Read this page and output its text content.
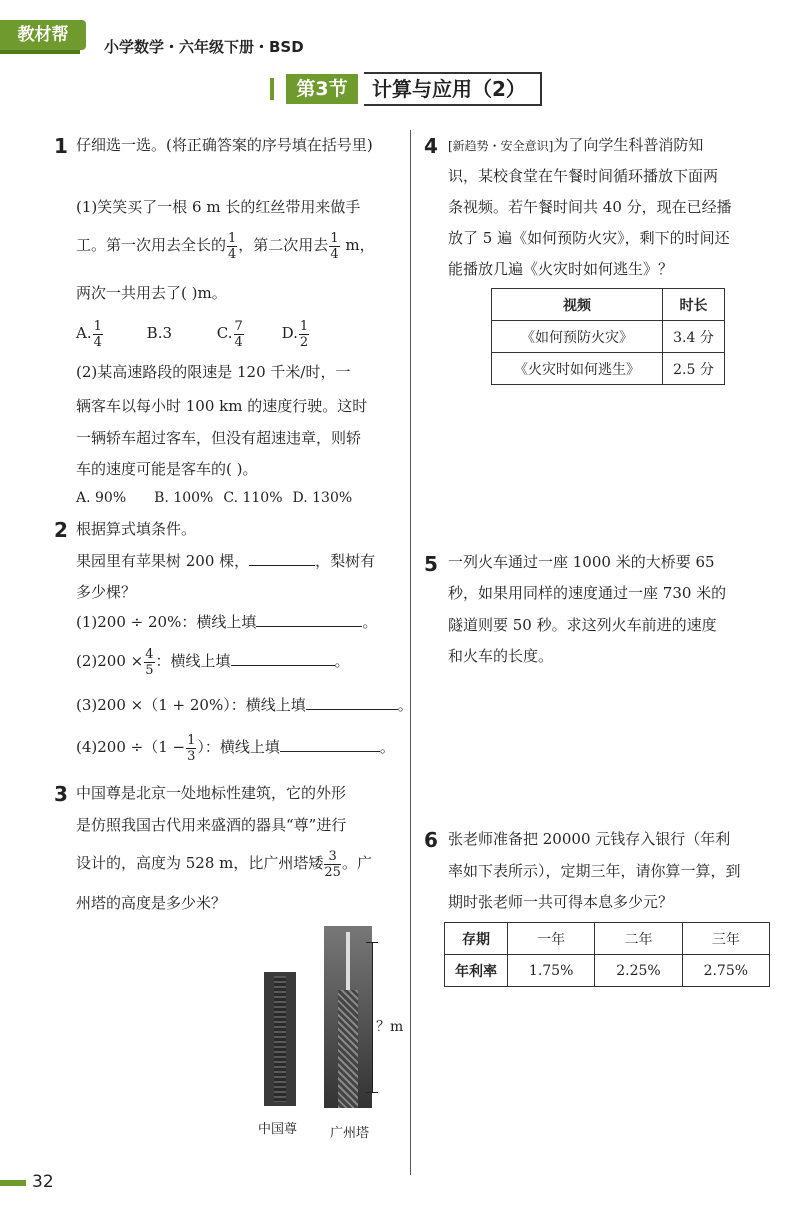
教材帮
小学数学・六年级下册・BSD
第3节	计算与应用（2）
1 仔细选一选。(将正确答案的序号填在括号里)
(1)笑笑买了一根 6 m 长的红丝带用来做手
工。第一次用去全长的 $\frac{1}{4}$ ，第二次用去 $\frac{1}{4}$ m，
两次一共用去了( )m。
A. $\frac{1}{4}$	B.3	C. $\frac{7}{4}$	D. $\frac{1}{2}$
(2)某高速路段的限速是 120 千米/时，一
辆客车以每小时 100 km 的速度行驶。这时
一辆轿车超过客车，但没有超速违章，则轿
车的速度可能是客车的( )。
A. 90% B. 100% C. 110% D. 130%
2 根据算式填条件。
果园里有苹果树 200 棵，	，梨树有
多少棵？
(1)200 ÷ 20%：横线上填	。
$(2)200 \times \frac{4}{5}$ ：横线上填	。
(3)200 ×（1 + 20%）：横线上填	。
$(4)200 \div(1 - \frac{1}{3}$ ）：横线上填	。
3 中国尊是北京一处地标性建筑，它的外形
是仿照我国古代用来盛酒的器具“尊”进行
设计的，高度为 528 m，比广州塔矮 $\frac{3}{25}$ 。广
州塔的高度是多少米？
？m
中国尊	广州塔
4 [新趋势・安全意识]为了向学生科普消防知
识，某校食堂在午餐时间循环播放下面两
条视频。若午餐时间共 40 分，现在已经播
放了 5 遍《如何预防火灾》，剩下的时间还
能播放几遍《火灾时如何逃生》？
视频	时长
《如何预防火灾》	3.4 分
《火灾时如何逃生》	2.5 分
5 一列火车通过一座 1000 米的大桥要 65
秒，如果用同样的速度通过一座 730 米的
隧道则要 50 秒。求这列火车前进的速度
和火车的长度。
6 张老师准备把 20000 元钱存入银行（年利
率如下表所示），定期三年，请你算一算，到
期时张老师一共可得本息多少元？
存期	一年	二年	三年
年利率	1.75%	2.25%	2.75%
32
